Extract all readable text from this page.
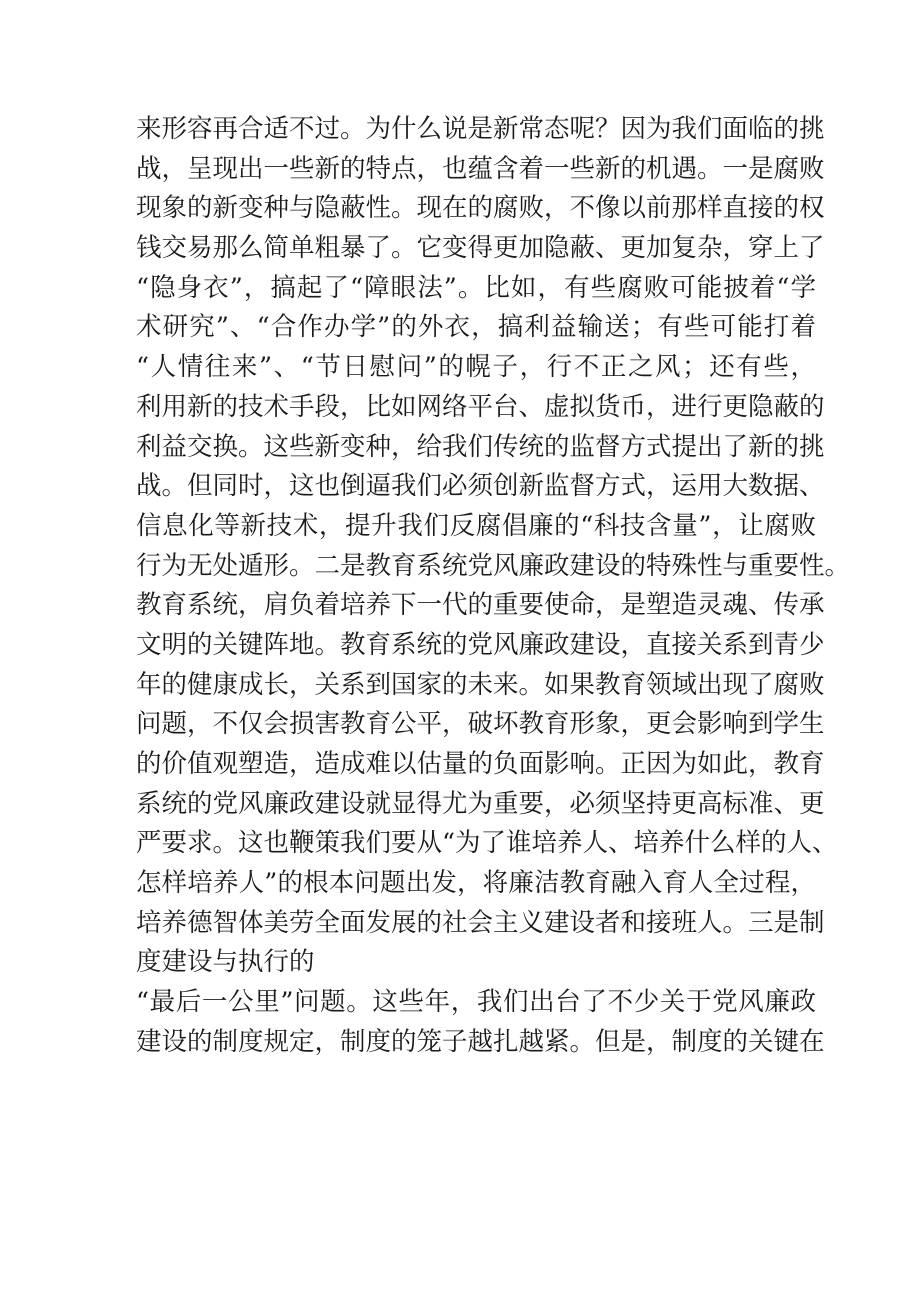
来形容再合适不过。为什么说是新常态呢？因为我们面临的挑
战，呈现出一些新的特点，也蕴含着一些新的机遇。一是腐败
现象的新变种与隐蔽性。现在的腐败，不像以前那样直接的权
钱交易那么简单粗暴了。它变得更加隐蔽、更加复杂，穿上了
“隐身衣”，搞起了“障眼法”。比如，有些腐败可能披着“学
术研究”、“合作办学”的外衣，搞利益输送；有些可能打着
“人情往来”、“节日慰问”的幌子，行不正之风；还有些，
利用新的技术手段，比如网络平台、虚拟货币，进行更隐蔽的
利益交换。这些新变种，给我们传统的监督方式提出了新的挑
战。但同时，这也倒逼我们必须创新监督方式，运用大数据、
信息化等新技术，提升我们反腐倡廉的“科技含量”，让腐败
行为无处遁形。二是教育系统党风廉政建设的特殊性与重要性。
教育系统，肩负着培养下一代的重要使命，是塑造灵魂、传承
文明的关键阵地。教育系统的党风廉政建设，直接关系到青少
年的健康成长，关系到国家的未来。如果教育领域出现了腐败
问题，不仅会损害教育公平，破坏教育形象，更会影响到学生
的价值观塑造，造成难以估量的负面影响。正因为如此，教育
系统的党风廉政建设就显得尤为重要，必须坚持更高标准、更
严要求。这也鞭策我们要从“为了谁培养人、培养什么样的人、
怎样培养人”的根本问题出发，将廉洁教育融入育人全过程，
培养德智体美劳全面发展的社会主义建设者和接班人。三是制
度建设与执行的
“最后一公里”问题。这些年，我们出台了不少关于党风廉政
建设的制度规定，制度的笼子越扎越紧。但是，制度的关键在
